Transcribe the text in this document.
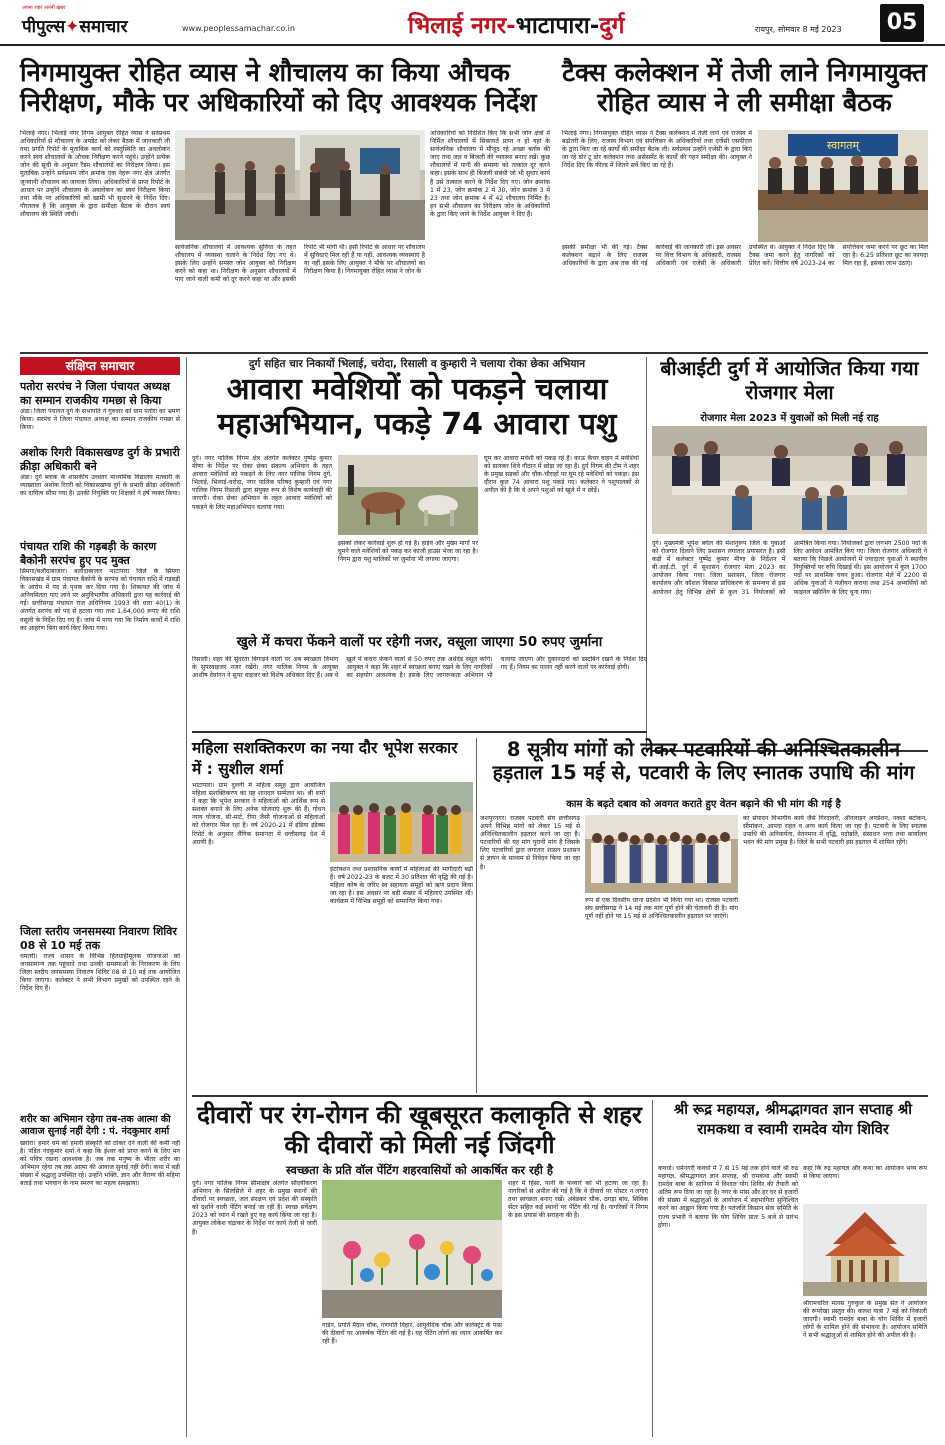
अपना शहर अपनी ख़बर
पीपुल्स✦समाचार	www.peoplessamachar.co.in	भिलाई नगर-भाटापारा-दुर्ग	रायपुर, सोमवार 8 मई 2023	05
निगमायुक्त रोहित व्यास ने शौचालय का किया औचक निरीक्षण, मौके पर अधिकारियों को दिए आवश्यक निर्देश
भिलाई नगर। भिलाई नगर निगम आयुक्त रोहित व्यास ने सर्वप्रथम अधिकारियों से शौचालय के अपडेट को लेकर बैठक में जानकारी ली तथा प्रगति रिपोर्ट के मुताबिक कार्य को वस्तुस्थिति का अवलोकन करने स्वयं शौचालयों के औचक निरीक्षण करने पहुंचे। उन्होंने प्रत्येक जोन की सूची के अनुसार रैंडम शौचालयों का निरीक्षण किया। इस मुताबिक उन्होंने सर्वप्रथम जोन क्रमांक एक नेहरू नगर क्षेत्र अंतर्गत जुनवानी शौचालय का जायजा लिया। अधिकारियों से प्राप्त रिपोर्ट के आधार पर उन्होंने शौचालय के अवलोकन का स्वयं निरीक्षण किया तथा मौके पर अधिकारियों को खामी भी सुधारने के निर्देश दिए। गौरतलब है कि आयुक्त के द्वारा समीक्षा बैठक के दौरान स्वयं शौचालय की स्थिति जांची।
सार्वजनिक शौचालयों में आवश्यक सुविधा के तहत शौचालय में व्यवस्था चलाने के निर्देश दिए गए थे। इसके लिए उन्होंने समस्त जोन आयुक्त को निरीक्षण करने को कहा था। निरीक्षण के अनुसार शौचालयों में पाए जाने वाली कमी को दूर करने कहा था और इसकी रिपोर्ट भी मांगी थी। इसी रिपोर्ट के आधार पर शौचालय में सुविधाएं मिल रही हैं या नहीं, आवश्यक व्यवस्थाएं है या नहीं इसके लिए आयुक्त ने मौके पर शौचालयों का निरीक्षण किया है। निगमायुक्त रोहित व्यास ने जोन के
अधिकारियों को निर्देशित किए कि सभी जोन क्षेत्रों में निर्मित शौचालयों में सिकायतें प्राप्त न हों यहां के सार्वजनिक शौचालय में मौजूद रहे अच्छा बर्ताव की जाए तथा जल व बिजली की व्यवस्था बनाए रखें। कुछ शौचालयों में पानी की समस्या को तत्काल दूर करने कहा। इसके साथ ही बिजली संबंधी जो भी सुधार कार्य है उसे तत्काल करने के निर्देश दिए गए। जोन क्रमांक 1 में 23, जोन क्रमांक 2 में 30, जोन क्रमांक 3 में 23 तथा जोन क्रमांक 4 में 42 शौचालय निर्मित है। इन सभी शौचालय का निरीक्षण जोन के अधिकारियों के द्वारा किए जाने के निर्देश आयुक्त ने दिए हैं।
टैक्स कलेक्शन में तेजी लाने निगमायुक्त रोहित व्यास ने ली समीक्षा बैठक
भिलाई नगर। निगमायुक्त रोहित व्यास ने टैक्स कलेक्शन में तेजी लाने एवं राजस्व में बढ़ोतरी के लिए, राजस्व विभाग एवं संपत्तिकर के अधिकारियों तथा एजेंसी एसपीएल के द्वारा किए जा रहे कार्यों की समीक्षा बैठक ली। सर्वप्रथम उन्होंने एजेंसी के द्वारा किए जा रहे डोर टू डोर कलेक्शन तथा असेसमेंट के कार्यों की गहन समीक्षा की। आयुक्त ने निर्देश दिए कि फील्ड में जितने सर्वे किए जा रहे हैं।
स्वागतम्
इसकी समीक्षा भी की गई। टैक्स कलेक्शन बढ़ाने के लिए राजस्व अधिकारियों के द्वारा अब तक की गई कार्रवाई की जानकारी ली। इस अवसर पर वित्त विभाग के अधिकारी, राजस्व अधिकारी एवं एजेंसी के अधिकारी उपस्थित थे। आयुक्त ने निर्देश दिए कि टैक्स जमा करने हेतु नागरिकों को प्रेरित करें। वित्तीय वर्ष 2023-24 का संपत्तिकर जमा करने पर छूट का मिल रहा है। 6.25 प्रतिशत छूट का फायदा मिल रहा है, इसका लाभ उठाएं।
संक्षिप्त समाचार
पतोरा सरपंच ने जिला पंचायत अध्यक्ष का सम्मान राजकीय गमछा से किया
अंडा। जिला पंचायत दुर्ग के सभापति ने गुरुवार को ग्राम पतोरा का भ्रमण किया। सरपंच ने जिला पंचायत अध्यक्ष का सम्मान राजकीय गमछा से किया।
अशोक रिगरी विकासखण्ड दुर्ग के प्रभारी क्रीड़ा अधिकारी बने
अंडा। दुर्ग ब्लाक के शासकीय उच्चतर माध्यमिक विद्यालय मतवारी के व्याख्याता अशोक रिगरी को विकासखण्ड दुर्ग के प्रभारी क्रीड़ा अधिकारी का दायित्व सौंपा गया है। उनकी नियुक्ति पर शिक्षकों ने हर्ष व्यक्त किया।
पंचायत राशि की गड़बड़ी के कारण बैकोनी सरपंच हुए पद मुक्त
सिमगा/बलौदाबाजार। बलौदाबाजार भाटापारा जिले के सिमगा विकासखंड में ग्राम पंचायत बैकोनी के सरपंच को पंचायत राशि में गड़बड़ी के आरोप में पद से पृथक कर दिया गया है। शिकायत की जांच में अनियमितता पाए जाने पर अनुविभागीय अधिकारी द्वारा यह कार्रवाई की गई। छत्तीसगढ़ पंचायत राज अधिनियम 1993 की धारा 40(1) के अंतर्गत सरपंच को पद से हटाया गया तथा 1,64,000 रूपए की राशि वसूली के निर्देश दिए गए हैं। जांच में पाया गया कि निर्माण कार्यों में राशि का आहरण बिना कार्य किए किया गया।
जिला स्तरीय जनसमस्या निवारण शिविर 08 से 10 मई तक
धमतरी। राज्य शासन के विभिन्न हितग्राहीमूलक योजनाओं को जनसामान्य तक पहुंचाने तथा उनकी समस्याओं के निराकरण के लिए जिला स्तरीय जनसमस्या निवारण शिविर 08 से 10 मई तक आयोजित किया जाएगा। कलेक्टर ने सभी विभाग प्रमुखों को उपस्थित रहने के निर्देश दिए हैं।
शरीर का अभिमान रहेगा तब-तक आत्मा की आवाज सुनाई नहीं देगी : पं. नंदकुमार शर्मा
खरोरा। हमारे धर्म को हमारी संस्कृति को ठोकर देने वाली की कमी नहीं है। पंडित नंदकुमार शर्मा ने कहा कि ईश्वर को प्राप्त करने के लिए मन को पवित्र रखना आवश्यक है। जब तक मनुष्य के भीतर शरीर का अभिमान रहेगा तब तक आत्मा की आवाज सुनाई नहीं देगी। कथा में बड़ी संख्या में श्रद्धालु उपस्थित रहे। उन्होंने भक्ति, ज्ञान और वैराग्य की महिमा बताई तथा भगवान के नाम स्मरण का महत्व समझाया।
दुर्ग सहित चार निकायों भिलाई, चरोदा, रिसाली व कुम्हारी ने चलाया रोका छेका अभियान
आवारा मवेशियों को पकड़ने चलाया महाअभियान, पकड़े 74 आवारा पशु
दुर्ग। नगर पालिक निगम क्षेत्र अंतर्गत कलेक्टर पुष्पेंद्र कुमार मीणा के निर्देश पर रोका छेका संकल्प अभियान के तहत आवारा मवेशियों को पकड़ने के लिए नगर पालिक निगम दुर्ग, भिलाई, भिलाई-चरोदा, नगर पालिक परिषद कुम्हारी एवं नगर पालिक निगम रिसाली द्वारा संयुक्त रूप से विशेष कार्यवाही की जाएगी। रोका छेका अभियान के तहत आवारा मवेशियों को पकड़ने के लिए महाअभियान चलाया गया।
इसको लेकर कार्रवाई शुरू हो गई है। हाईवे और मुख्य मार्गों पर घूमने वाले मवेशियों को पकड़ कर कांजी हाउस भेजा जा रहा है। निगम द्वारा पशु मालिकों पर जुर्माना भी लगाया जाएगा।
घूम कर आवारा मवेशी को पकड़ रहे हैं। काऊ कैचर वाहन में मवेशियों को डालकर शिवे गौठान में छोड़ा जा रहा है। दुर्ग निगम की टीम ने शहर के प्रमुख सड़कों और चौक-चौराहों पर घूम रहे मवेशियों को पकड़ा। इस दौरान कुल 74 आवारा पशु पकड़े गए। कलेक्टर ने पशुपालकों से अपील की है कि वे अपने पशुओं को खुले में न छोड़ें।
बीआईटी दुर्ग में आयोजित किया गया रोजगार मेला
रोजगार मेला 2023 में युवाओं को मिली नई राह
दुर्ग। मुख्यमंत्री भूपेश बघेल की मंशानुरूप जिले के युवाओं को रोजगार दिलाने लिए प्रशासन लगातार प्रयासरत है। इसी कड़ी में कलेक्टर पुष्पेंद्र कुमार मीणा के निर्देशन में बी.आई.टी. दुर्ग में सुशासन रोजगार मेला 2023 का आयोजन किया गया। जिला प्रशासन, जिला रोजगार कार्यालय और कौशल विकास प्राधिकरण के समन्वय से इस आयोजन हेतु विभिन्न क्षेत्रों से कुल 31 नियोजकों को आमंत्रित किया गया। नियोजकों द्वारा लगभग 2500 पदों के लिए आवेदन आमंत्रित किए गए। जिला रोजगार अधिकारी ने बताया कि पिछले आयोजनों में ज्यादातर युवाओं ने स्थानीय नियुक्तियों पर रुचि दिखाई थी। इस आयोजन में कुल 1700 पदों पर प्राथमिक चयन हुआ। रोजगार मेले में 2200 से अधिक युवाओं ने पंजीयन कराया तथा 254 अभ्यर्थियों को फाइनल स्क्रीनिंग के लिए चुना गया।
खुले में कचरा फेंकने वालों पर रहेगी नजर, वसूला जाएगा 50 रुपए जुर्माना
रिसाली। शहर की सुंदरता बिगाड़ने वालों पर अब स्वच्छता विभाग के सुपरवाइजर नजर रखेंगे। नगर पालिक निगम के आयुक्त आशीष देवांगन ने सुपर वाइजर को विशेष अधिकार दिए हैं। अब ये खुले में कचरा फेंकने वालों से 50 रुपए तक अर्थदंड वसूल करेंगे। आयुक्त ने कहा कि शहर में स्वच्छता बनाए रखने के लिए नागरिकों का सहयोग आवश्यक है। इसके लिए जागरूकता अभियान भी चलाया जाएगा और दुकानदारों को डस्टबिन रखने के निर्देश दिए गए हैं। नियम का पालन नहीं करने वालों पर कार्रवाई होगी।
महिला सशक्तिकरण का नया दौर भूपेश सरकार में : सुशील शर्मा
भाटापारा। ग्राम दुलगी में महिला समूह द्वारा आयोजित महिला सशक्तिकरण का यह शानदार सम्मेलन था। श्री शर्मा ने कहा कि भूपेश सरकार ने महिलाओं को आर्थिक रूप से सशक्त बनाने के लिए अनेक योजनाएं शुरू की हैं। गोधन न्याय योजना, सी-मार्ट, रीपा जैसी योजनाओं से महिलाओं को रोजगार मिल रहा है। वर्ष 2020-21 में इंडिया इंडेक्स रिपोर्ट के अनुसार लैंगिक समानता में छत्तीसगढ़ देश में अग्रणी है।
इंटरेक्शन तथा प्रशासनिक कार्यों में महिलाओं की भागीदारी बढ़ी है। वर्ष 2022-23 के बजट में 30 प्रतिशत की वृद्धि की गई है। महिला कोष के जरिए स्व सहायता समूहों को ऋण प्रदान किया जा रहा है। इस अवसर पर बड़ी संख्या में महिलाएं उपस्थित थीं। कार्यक्रम में विभिन्न समूहों को सम्मानित किया गया।
8 सूत्रीय मांगों को लेकर पटवारियों की अनिश्चितकालीन हड़ताल 15 मई से, पटवारी के लिए स्नातक उपाधि की मांग
काम के बढ़ते दबाव को अवगत कराते हुए वेतन बढ़ाने की भी मांग की गई है
जशपुरनगर। राजस्व पटवारी संघ छत्तीसगढ़ अपने विभिन्न मांगों को लेकर 15 मई से अनिश्चितकालीन हड़ताल करने जा रहा है। पटवारियों की यह मांग पुरानी मांग है जिसके लिए पटवारियों द्वारा लगातार शासन प्रशासन से ज्ञापन के माध्यम से निवेदन किया जा रहा है।
रूप से एक दिवसीय धरना प्रदर्शन भी किया गया था। राजस्व पटवारी संघ छत्तीसगढ़ ने 14 मई तक मांग पूर्ण होने की चेतावनी दी है। मांग पूर्ण नहीं होने पर 15 मई से अनिश्चितकालीन हड़ताल पर जाएंगे।
का संपादन विभागीय कार्य जैसे गिरदावरी, ऑनलाइन अपडेशन, नक्शा बटांकन, सीमांकन, आपदा राहत व अन्य कार्य किया जा रहा है। पटवारी के लिए स्नातक उपाधि की अनिवार्यता, वेतनमान में वृद्धि, पदोन्नति, संसाधन भत्ता तथा कार्यालय भवन की मांग प्रमुख है। जिले के सभी पटवारी इस हड़ताल में शामिल रहेंगे।
दीवारों पर रंग-रोगन की खूबसूरत कलाकृति से शहर की दीवारों को मिली नई जिंदगी
स्वच्छता के प्रति वॉल पेंटिंग शहरवासियों को आकर्षित कर रही है
दुर्ग। नगर पालिक निगम सीमाक्षेत्र अंतर्गत सौंदर्यीकरण अभियान के सिलसिले में शहर के प्रमुख स्थानों की दीवारों पर स्वच्छता, जल संरक्षण एवं प्रदेश की संस्कृति को दर्शाने वाली पेंटिंग बनाई जा रही है। स्वच्छ सर्वेक्षण 2023 को ध्यान में रखते हुए यह कार्य किया जा रहा है। आयुक्त लोकेश चंद्राकर के निर्देश पर कार्य तेजी से जारी है।
गार्डन, प्रगति मैदान चौक, गणपति विहार, आयुर्वेदिक चौक और कलेक्ट्रेट के पास की दीवारों पर आकर्षक पेंटिंग की गई है। यह पेंटिंग लोगों का ध्यान आकर्षित कर रही हैं।
शहर में हिंसा, पानी के फव्वारे को भी हटाया जा रहा है। नागरिकों से अपील की गई है कि वे दीवारों पर पोस्टर न लगाएं तथा स्वच्छता बनाए रखें। अंबेडकर चौक, ठगड़ा बांध, सिविक सेंटर सहित कई स्थानों पर पेंटिंग की गई है। नागरिकों ने निगम के इस प्रयास की सराहना की है।
श्री रूद्र महायज्ञ, श्रीमद्भागवत ज्ञान सप्ताह श्री रामकथा व स्वामी रामदेव योग शिविर
कवर्धा। धर्मनगरी कवर्धा में 7 से 15 मई तक होने वाले श्री रुद्र महायज्ञ, श्रीमद्भागवत ज्ञान सप्ताह, श्री रामकथा और स्वामी रामदेव बाबा के सानिध्य में विशाल योग शिविर की तैयारी को अंतिम रूप दिया जा रहा है। नगर के मांस और हर घर से हजारों की संख्या में श्रद्धालुओं के आयोजन में सहभागिता सुनिश्चित करने का आह्वान किया गया है। पतंजलि किसान सेवा समिति के राज्य प्रभारी ने बताया कि योग शिविर प्रातः 5 बजे से प्रारंभ होगा।
कहा कि रुद्र महायज्ञ और कथा का आयोजन भव्य रूप से किया जाएगा।
श्रीरामचरित मानस गुरुकुल के प्रमुख संत ने आयोजन की रूपरेखा प्रस्तुत की। कलश यात्रा 7 मई को निकाली जाएगी। स्वामी रामदेव बाबा के योग शिविर में हजारों लोगों के शामिल होने की संभावना है। आयोजन समिति ने सभी श्रद्धालुओं से शामिल होने की अपील की है।
